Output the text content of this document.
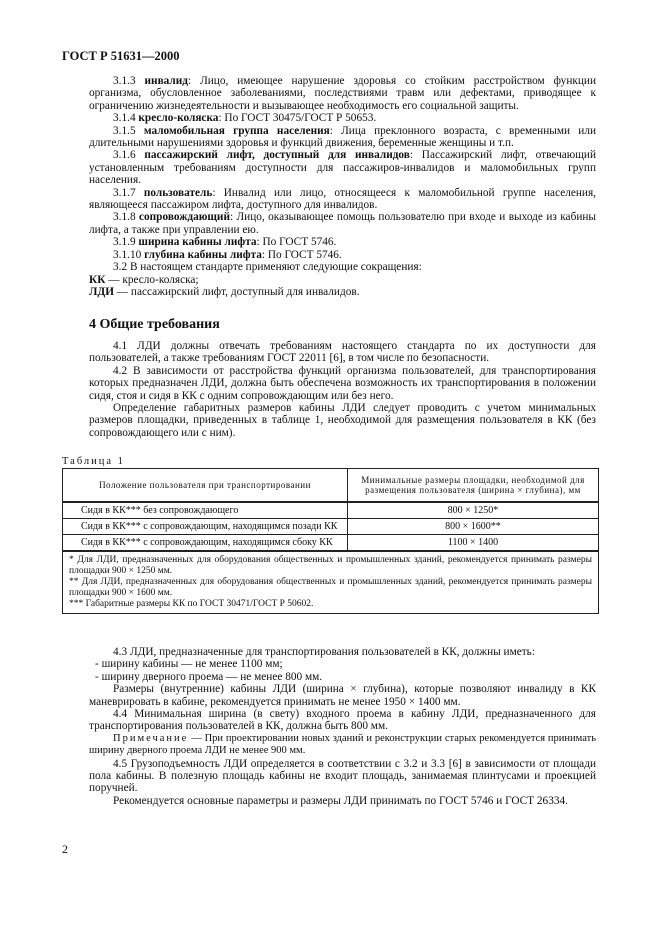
ГОСТ Р 51631—2000

3.1.3 инвалид: Лицо, имеющее нарушение здоровья со стойким расстройством функции организма, обусловленное заболеваниями, последствиями травм или дефектами, приводящее к ограничению жизнедеятельности и вызывающее необходимость его социальной защиты.

3.1.4 кресло-коляска: По ГОСТ 30475/ГОСТ Р 50653.

3.1.5 маломобильная группа населения: Лица преклонного возраста, с временными или длительными нарушениями здоровья и функций движения, беременные женщины и т.п.

3.1.6 пассажирский лифт, доступный для инвалидов: Пассажирский лифт, отвечающий установленным требованиям доступности для пассажиров-инвалидов и маломобильных групп населения.

3.1.7 пользователь: Инвалид или лицо, относящееся к маломобильной группе населения, являющееся пассажиром лифта, доступного для инвалидов.

3.1.8 сопровождающий: Лицо, оказывающее помощь пользователю при входе и выходе из кабины лифта, а также при управлении ею.

3.1.9 ширина кабины лифта: По ГОСТ 5746.

3.1.10 глубина кабины лифта: По ГОСТ 5746.

3.2 В настоящем стандарте применяют следующие сокращения:

КК — кресло-коляска;

ЛДИ — пассажирский лифт, доступный для инвалидов.

4 Общие требования

4.1 ЛДИ должны отвечать требованиям настоящего стандарта по их доступности для пользователей, а также требованиям ГОСТ 22011 [6], в том числе по безопасности.

4.2 В зависимости от расстройства функций организма пользователей, для транспортирования которых предназначен ЛДИ, должна быть обеспечена возможность их транспортирования в положении сидя, стоя и сидя в КК с одним сопровождающим или без него.

Определение габаритных размеров кабины ЛДИ следует проводить с учетом минимальных размеров площадки, приведенных в таблице 1, необходимой для размещения пользователя в КК (без сопровождающего или с ним).

Таблица 1
Положение пользователя при транспортировании	Минимальные размеры площадки, необходимой для размещения пользователя (ширина × глубина), мм
Сидя в КК*** без сопровождающего	800 × 1250*
Сидя в КК*** с сопровождающим, находящимся позади КК	800 × 1600**
Сидя в КК*** с сопровождающим, находящимся сбоку КК	1100 × 1400

* Для ЛДИ, предназначенных для оборудования общественных и промышленных зданий, рекомендуется принимать размеры площадки 900 × 1250 мм.
** Для ЛДИ, предназначенных для оборудования общественных и промышленных зданий, рекомендуется принимать размеры площадки 900 × 1600 мм.
*** Габаритные размеры КК по ГОСТ 30471/ГОСТ Р 50602.	

4.3 ЛДИ, предназначенные для транспортирования пользователей в КК, должны иметь:

- ширину кабины — не менее 1100 мм;

- ширину дверного проема — не менее 800 мм.

Размеры (внутренние) кабины ЛДИ (ширина × глубина), которые позволяют инвалиду в КК маневрировать в кабине, рекомендуется принимать не менее 1950 × 1400 мм.

4.4 Минимальная ширина (в свету) входного проема в кабину ЛДИ, предназначенного для транспортирования пользователей в КК, должна быть 800 мм.

Примечание — При проектировании новых зданий и реконструкции старых рекомендуется принимать ширину дверного проема ЛДИ не менее 900 мм.

4.5 Грузоподъемность ЛДИ определяется в соответствии с 3.2 и 3.3 [6] в зависимости от площади пола кабины. В полезную площадь кабины не входит площадь, занимаемая плинтусами и проекцией поручней.

Рекомендуется основные параметры и размеры ЛДИ принимать по ГОСТ 5746 и ГОСТ 26334.

2
